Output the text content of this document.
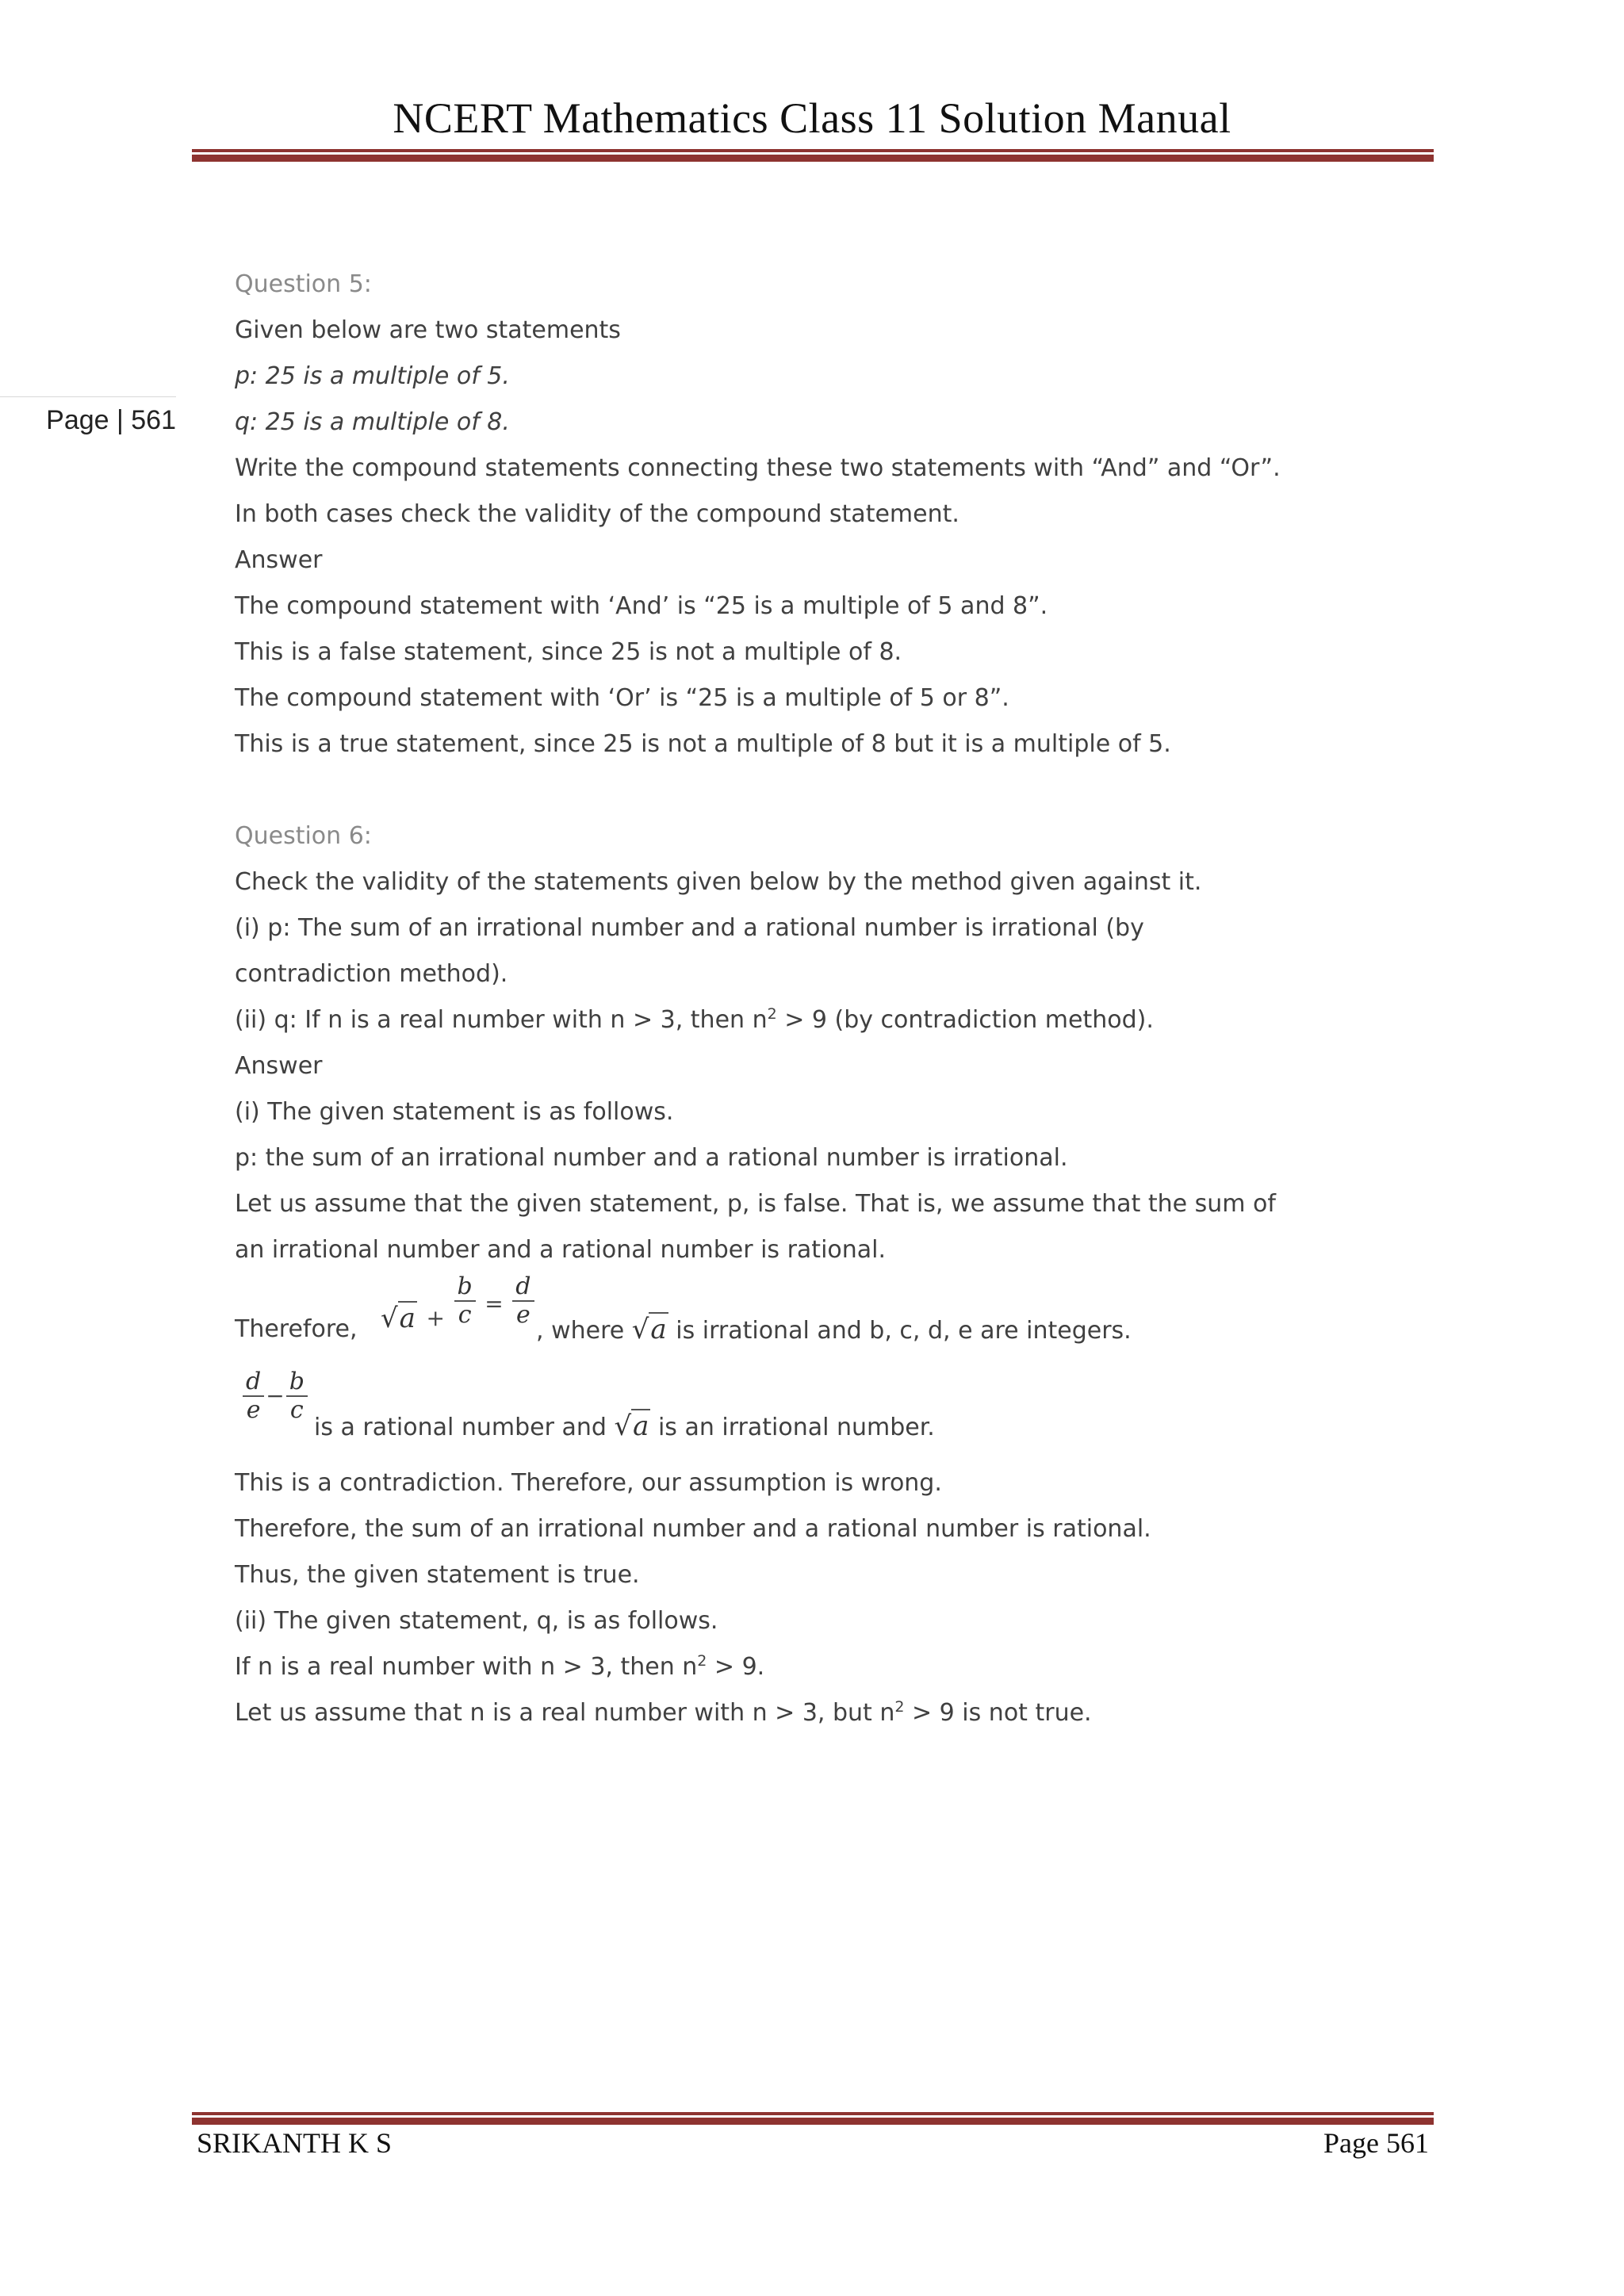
NCERT Mathematics Class 11 Solution Manual
Page | 561
Question 5:
Given below are two statements
p: 25 is a multiple of 5.
q: 25 is a multiple of 8.
Write the compound statements connecting these two statements with “And” and “Or”.
In both cases check the validity of the compound statement.
Answer
The compound statement with ‘And’ is “25 is a multiple of 5 and 8”.
This is a false statement, since 25 is not a multiple of 8.
The compound statement with ‘Or’ is “25 is a multiple of 5 or 8”.
This is a true statement, since 25 is not a multiple of 8 but it is a multiple of 5.
Question 6:
Check the validity of the statements given below by the method given against it.
(i) p: The sum of an irrational number and a rational number is irrational (by
contradiction method).
(ii) q: If n is a real number with n > 3, then $n^2 > 9$ (by contradiction method).
Answer
(i) The given statement is as follows.
p: the sum of an irrational number and a rational number is irrational.
Let us assume that the given statement, p, is false. That is, we assume that the sum of
an irrational number and a rational number is rational.
Therefore, $√a + \frac{b}{c} = \frac{d}{e}$
, where √a is irrational and b, c, d, e are integers.
$\frac{d}{e} - \frac{b}{c}$
is a rational number and √a is an irrational number.
This is a contradiction. Therefore, our assumption is wrong.
Therefore, the sum of an irrational number and a rational number is rational.
Thus, the given statement is true.
(ii) The given statement, q, is as follows.
If n is a real number with n > 3, then $n^2 > 9$.
Let us assume that n is a real number with n > 3, but $n^2 > 9$ is not true.
SRIKANTH K S	Page 561
